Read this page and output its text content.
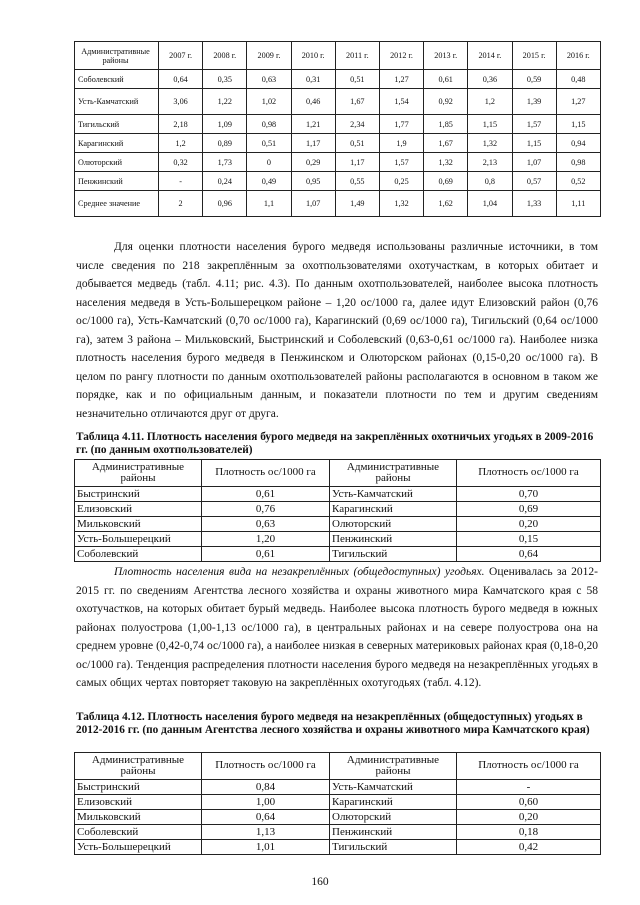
Административные районы	2007 г.	2008 г.	2009 г.	2010 г.	2011 г.	2012 г.	2013 г.	2014 г.	2015 г.	2016 г.
Соболевский	0,64	0,35	0,63	0,31	0,51	1,27	0,61	0,36	0,59	0,48
Усть-Камчатский	3,06	1,22	1,02	0,46	1,67	1,54	0,92	1,2	1,39	1,27
Тигильский	2,18	1,09	0,98	1,21	2,34	1,77	1,85	1,15	1,57	1,15
Карагинский	1,2	0,89	0,51	1,17	0,51	1,9	1,67	1,32	1,15	0,94
Олюторский	0,32	1,73	0	0,29	1,17	1,57	1,32	2,13	1,07	0,98
Пенжинский	-	0,24	0,49	0,95	0,55	0,25	0,69	0,8	0,57	0,52
Среднее значение	2	0,96	1,1	1,07	1,49	1,32	1,62	1,04	1,33	1,11

Для оценки плотности населения бурого медведя использованы различные источники, в том числе сведения по 218 закреплённым за охотпользователями охотучасткам, в которых обитает и добывается медведь (табл. 4.11; рис. 4.3). По данным охотпользователей, наиболее высока плотность населения медведя в Усть-Большерецком районе – 1,20 ос/1000 га, далее идут Елизовский район (0,76 ос/1000 га), Усть-Камчатский (0,70 ос/1000 га), Карагинский (0,69 ос/1000 га), Тигильский (0,64 ос/1000 га), затем 3 района – Мильковский, Быстринский и Соболевский (0,63-0,61 ос/1000 га). Наиболее низка плотность населения бурого медведя в Пенжинском и Олюторском районах (0,15-0,20 ос/1000 га). В целом по рангу плотности по данным охотпользователей районы располагаются в основном в таком же порядке, как и по официальным данным, и показатели плотности по тем и другим сведениям незначительно отличаются друг от друга.

Таблица 4.11. Плотность населения бурого медведя на закреплённых охотничьих угодьях в 2009-2016 гг. (по данным охотпользователей)

Административные районы	Плотность ос/1000 га	Административные районы	Плотность ос/1000 га
Быстринский	0,61	Усть-Камчатский	0,70
Елизовский	0,76	Карагинский	0,69
Мильковский	0,63	Олюторский	0,20
Усть-Большерецкий	1,20	Пенжинский	0,15
Соболевский	0,61	Тигильский	0,64

Плотность населения вида на незакреплённых (общедоступных) угодьях. Оценивалась за 2012-2015 гг. по сведениям Агентства лесного хозяйства и охраны животного мира Камчатского края с 58 охотучастков, на которых обитает бурый медведь. Наиболее высока плотность бурого медведя в южных районах полуострова (1,00-1,13 ос/1000 га), в центральных районах и на севере полуострова она на среднем уровне (0,42-0,74 ос/1000 га), а наиболее низкая в северных материковых районах края (0,18-0,20 ос/1000 га). Тенденция распределения плотности населения бурого медведя на незакреплённых угодьях в самых общих чертах повторяет таковую на закреплённых охотугодьях (табл. 4.12).

Таблица 4.12. Плотность населения бурого медведя на незакреплённых (общедоступных) угодьях в 2012-2016 гг. (по данным Агентства лесного хозяйства и охраны животного мира Камчатского края)

Административные районы	Плотность ос/1000 га	Административные районы	Плотность ос/1000 га
Быстринский	0,84	Усть-Камчатский	-
Елизовский	1,00	Карагинский	0,60
Мильковский	0,64	Олюторский	0,20
Соболевский	1,13	Пенжинский	0,18
Усть-Большерецкий	1,01	Тигильский	0,42
160
